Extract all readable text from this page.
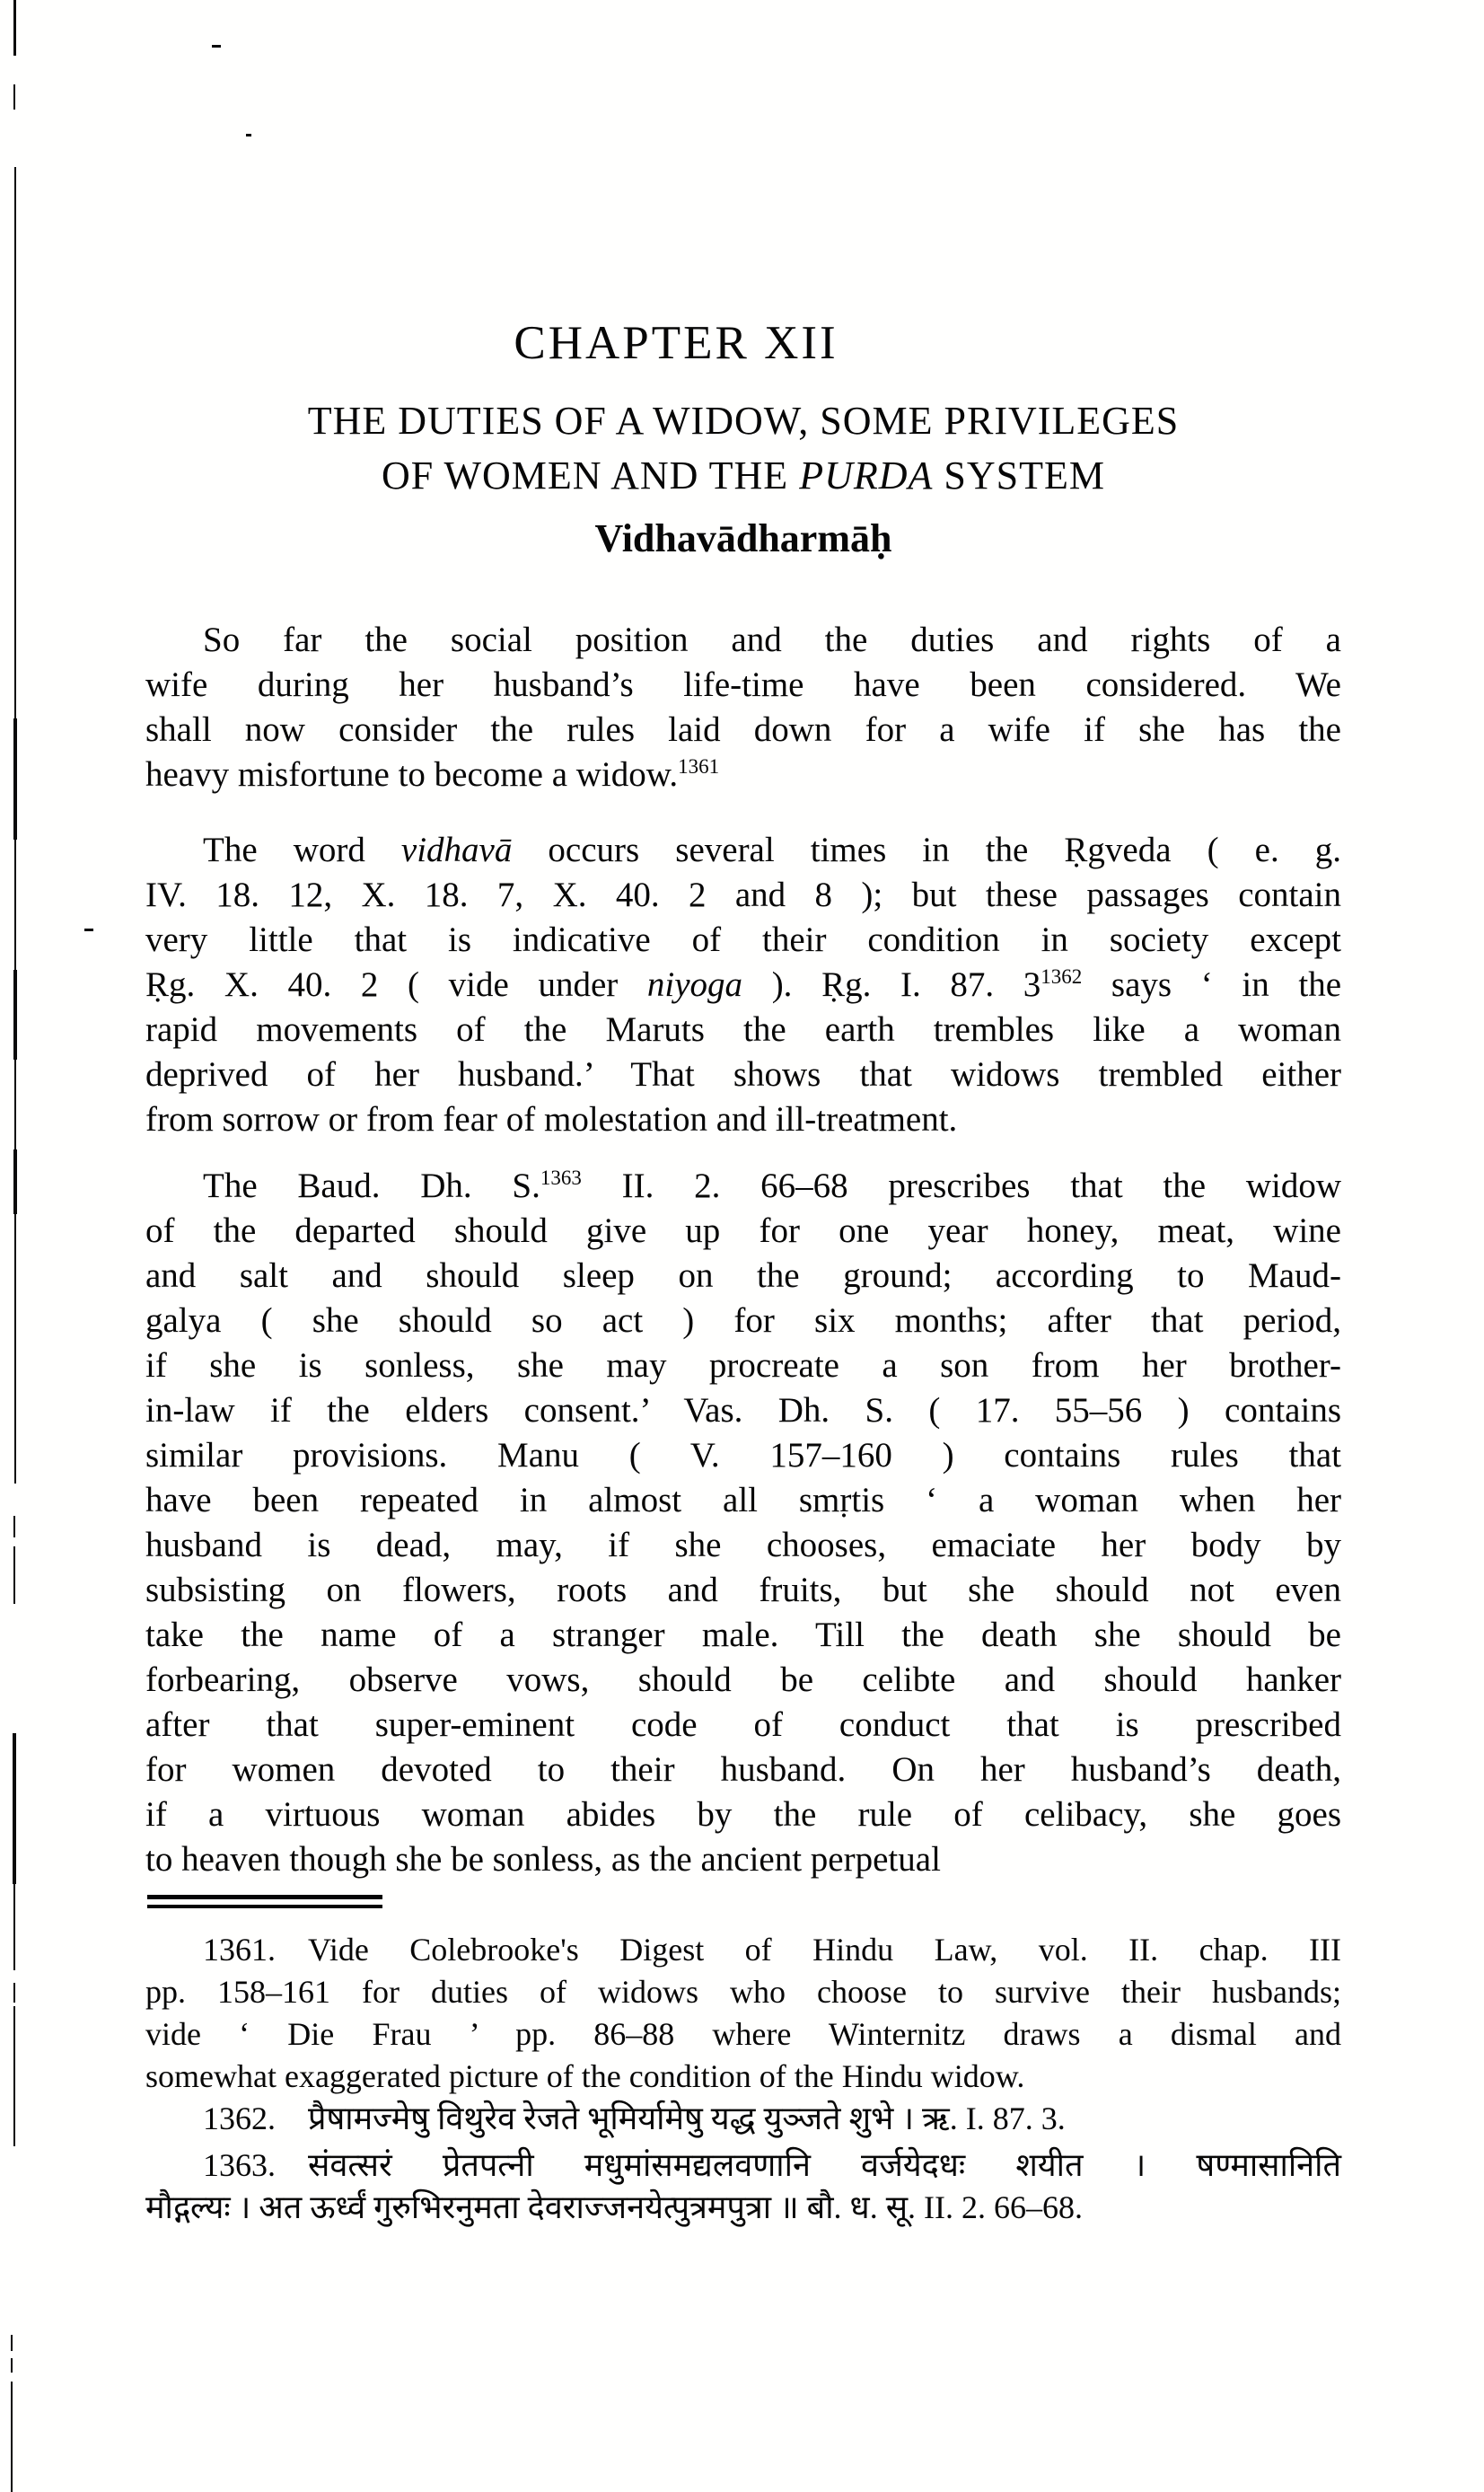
CHAPTER XII
THE DUTIES OF A WIDOW, SOME PRIVILEGES
OF WOMEN AND THE PURDA SYSTEM
Vidhavādharmāḥ
So far the social position and the duties and rights of a
wife during her husband’s life-time have been considered. We
shall now consider the rules laid down for a wife if she has the
heavy misfortune to become a widow.$^{1361}$
The word vidhavā occurs several times in the Ṛgveda ( e. g.
IV. 18. 12, X. 18. 7, X. 40. 2 and 8 ); but these passages contain
very little that is indicative of their condition in society except
Ṛg. X. 40. 2 ( vide under niyoga ). Ṛg. I. 87. $3^{1362}$ says ‘ in the
rapid movements of the Maruts the earth trembles like a woman
deprived of her husband.’ That shows that widows trembled either
from sorrow or from fear of molestation and ill-treatment.
The Baud. Dh. S.$^{1363}$ II. 2. 66–68 prescribes that the widow
of the departed should give up for one year honey, meat, wine
and salt and should sleep on the ground; according to Maud-
galya ( she should so act ) for six months; after that period,
if she is sonless, she may procreate a son from her brother-
in-law if the elders consent.’ Vas. Dh. S. ( 17. 55–56 ) contains
similar provisions. Manu ( V. 157–160 ) contains rules that
have been repeated in almost all smṛtis ‘ a woman when her
husband is dead, may, if she chooses, emaciate her body by
subsisting on flowers, roots and fruits, but she should not even
take the name of a stranger male. Till the death she should be
forbearing, observe vows, should be celibte and should hanker
after that super-eminent code of conduct that is prescribed
for women devoted to their husband. On her husband’s death,
if a virtuous woman abides by the rule of celibacy, she goes
to heaven though she be sonless, as the ancient perpetual
1361. Vide Colebrooke's Digest of Hindu Law, vol. II. chap. III
pp. 158–161 for duties of widows who choose to survive their husbands;
vide ‘ Die Frau ’ pp. 86–88 where Winternitz draws a dismal and
somewhat exaggerated picture of the condition of the Hindu widow.
1362. प्रैषामज्मेषु विथुरेव रेजते भूमिर्यामेषु यद्ध युञ्जते शुभे । ऋ. I. 87. 3.
1363. संवत्सरं प्रेतपत्नी मधुमांसमद्यलवणानि वर्जयेदधः शयीत । षण्मासानिति
मौद्गल्यः । अत ऊर्ध्वं गुरुभिरनुमता देवराज्जनयेत्पुत्रमपुत्रा ॥ बौ. ध. सू. II. 2. 66–68.
